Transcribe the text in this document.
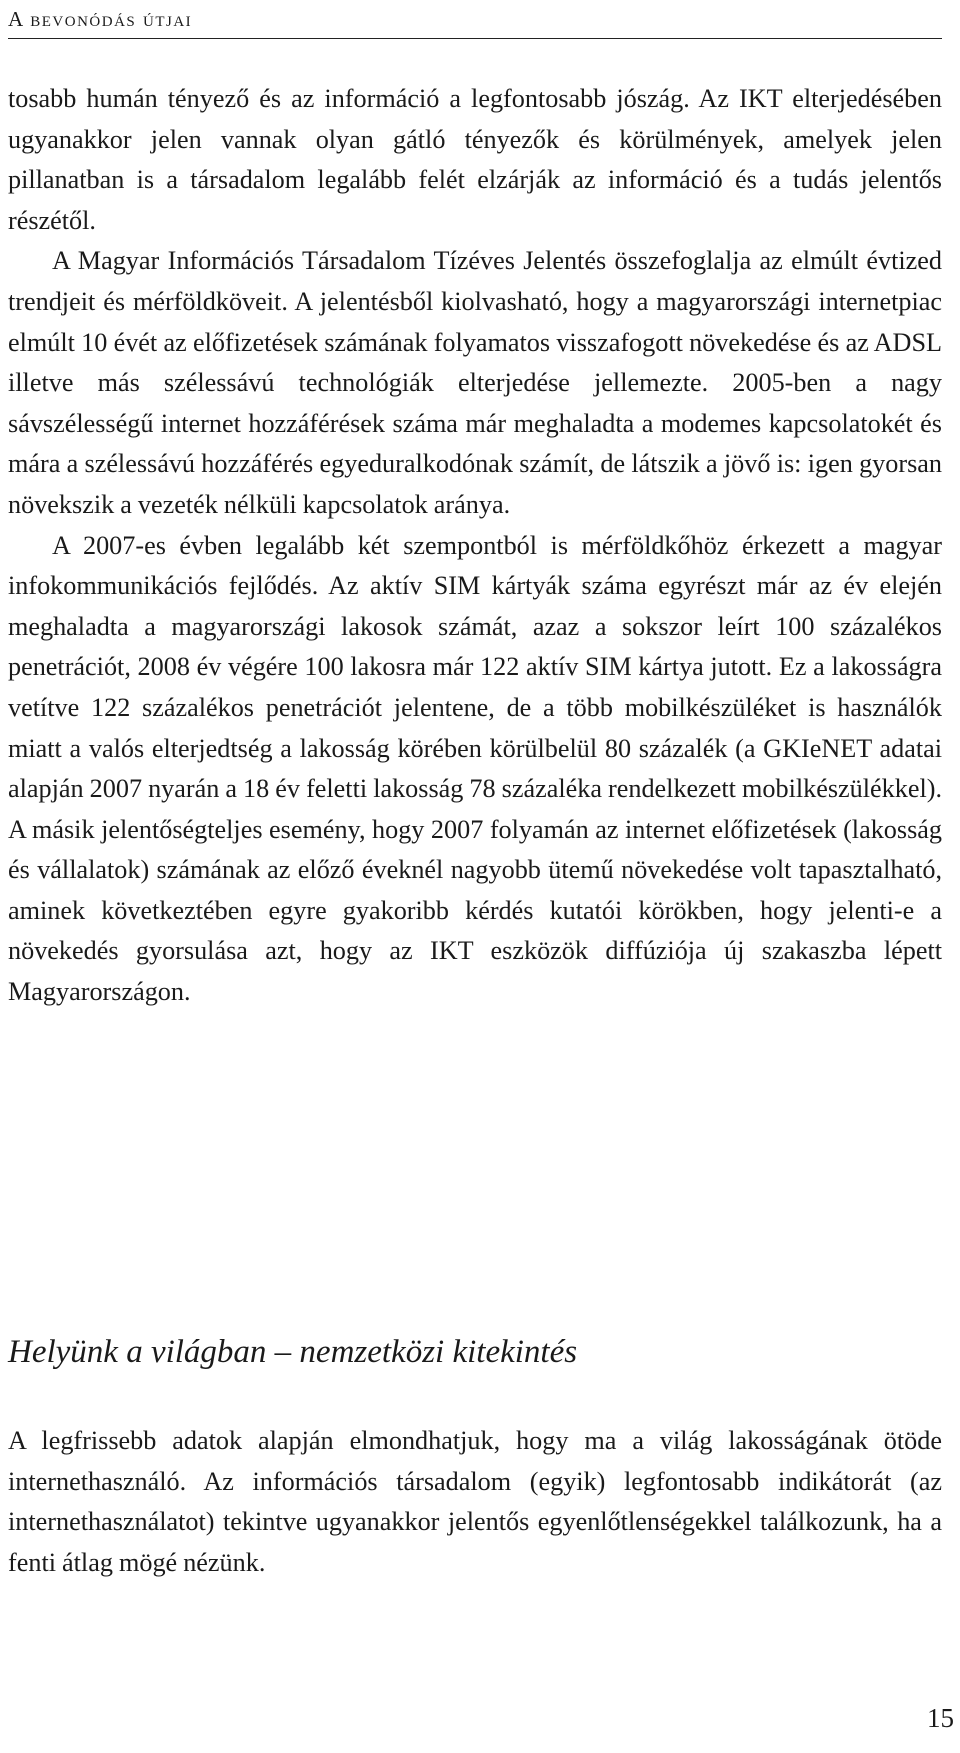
A bevonódás útjai

tosabb humán tényező és az információ a legfontosabb jószág. Az IKT elterjedésében ugyanakkor jelen vannak olyan gátló tényezők és körülmények, amelyek jelen pillanatban is a társadalom legalább felét elzárják az információ és a tudás jelentős részétől.

A Magyar Információs Társadalom Tízéves Jelentés összefoglalja az elmúlt évtized trendjeit és mérföldköveit. A jelentésből kiolvasható, hogy a magyarországi internetpiac elmúlt 10 évét az előfizetések számának folyamatos visszafogott növekedése és az ADSL illetve más szélessávú technológiák elterjedése jellemezte. 2005-ben a nagy sávszélességű internet hozzáférések száma már meghaladta a modemes kapcsolatokét és mára a szélessávú hozzáférés egyeduralkodónak számít, de látszik a jövő is: igen gyorsan növekszik a vezeték nélküli kapcsolatok aránya.

A 2007-es évben legalább két szempontból is mérföldkőhöz érkezett a magyar infokommunikációs fejlődés. Az aktív SIM kártyák száma egyrészt már az év elején meghaladta a magyarországi lakosok számát, azaz a sokszor leírt 100 százalékos penetrációt, 2008 év végére 100 lakosra már 122 aktív SIM kártya jutott. Ez a lakosságra vetítve 122 százalékos penetrációt jelentene, de a több mobilkészüléket is használók miatt a valós elterjedtség a lakosság körében körülbelül 80 százalék (a GKIeNET adatai alapján 2007 nyarán a 18 év feletti lakosság 78 százaléka rendelkezett mobilkészülékkel). A másik jelentőségteljes esemény, hogy 2007 folyamán az internet előfizetések (lakosság és vállalatok) számának az előző éveknél nagyobb ütemű növekedése volt tapasztalható, aminek következtében egyre gyakoribb kérdés kutatói körökben, hogy jelenti-e a növekedés gyorsulása azt, hogy az IKT eszközök diffúziója új szakaszba lépett Magyarországon.

Helyünk a világban – nemzetközi kitekintés

A legfrissebb adatok alapján elmondhatjuk, hogy ma a világ lakosságának ötöde internethasználó. Az információs társadalom (egyik) legfontosabb indikátorát (az internethasználatot) tekintve ugyanakkor jelentős egyenlőtlenségekkel találkozunk, ha a fenti átlag mögé nézünk.

15
